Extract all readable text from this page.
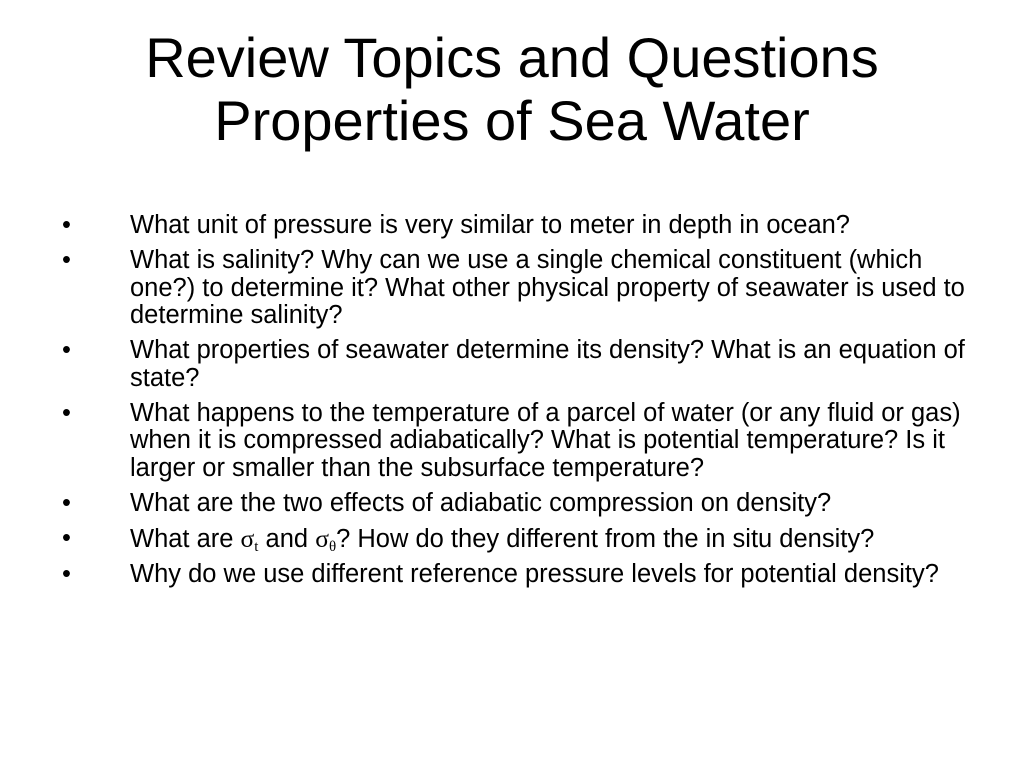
Review Topics and Questions
Properties of Sea Water
•	What unit of pressure is very similar to meter in depth in ocean?
•	What is salinity? Why can we use a single chemical constituent (which one?) to determine it? What other physical property of seawater is used to determine salinity?
•	What properties of seawater determine its density? What is an equation of state?
•	What happens to the temperature of a parcel of water (or any fluid or gas) when it is compressed adiabatically? What is potential temperature? Is it larger or smaller than the subsurface temperature?
•	What are the two effects of adiabatic compression on density?
•	What are $\sigma_t$ and $\sigma_\theta$? How do they different from the in situ density?
•	Why do we use different reference pressure levels for potential density?
